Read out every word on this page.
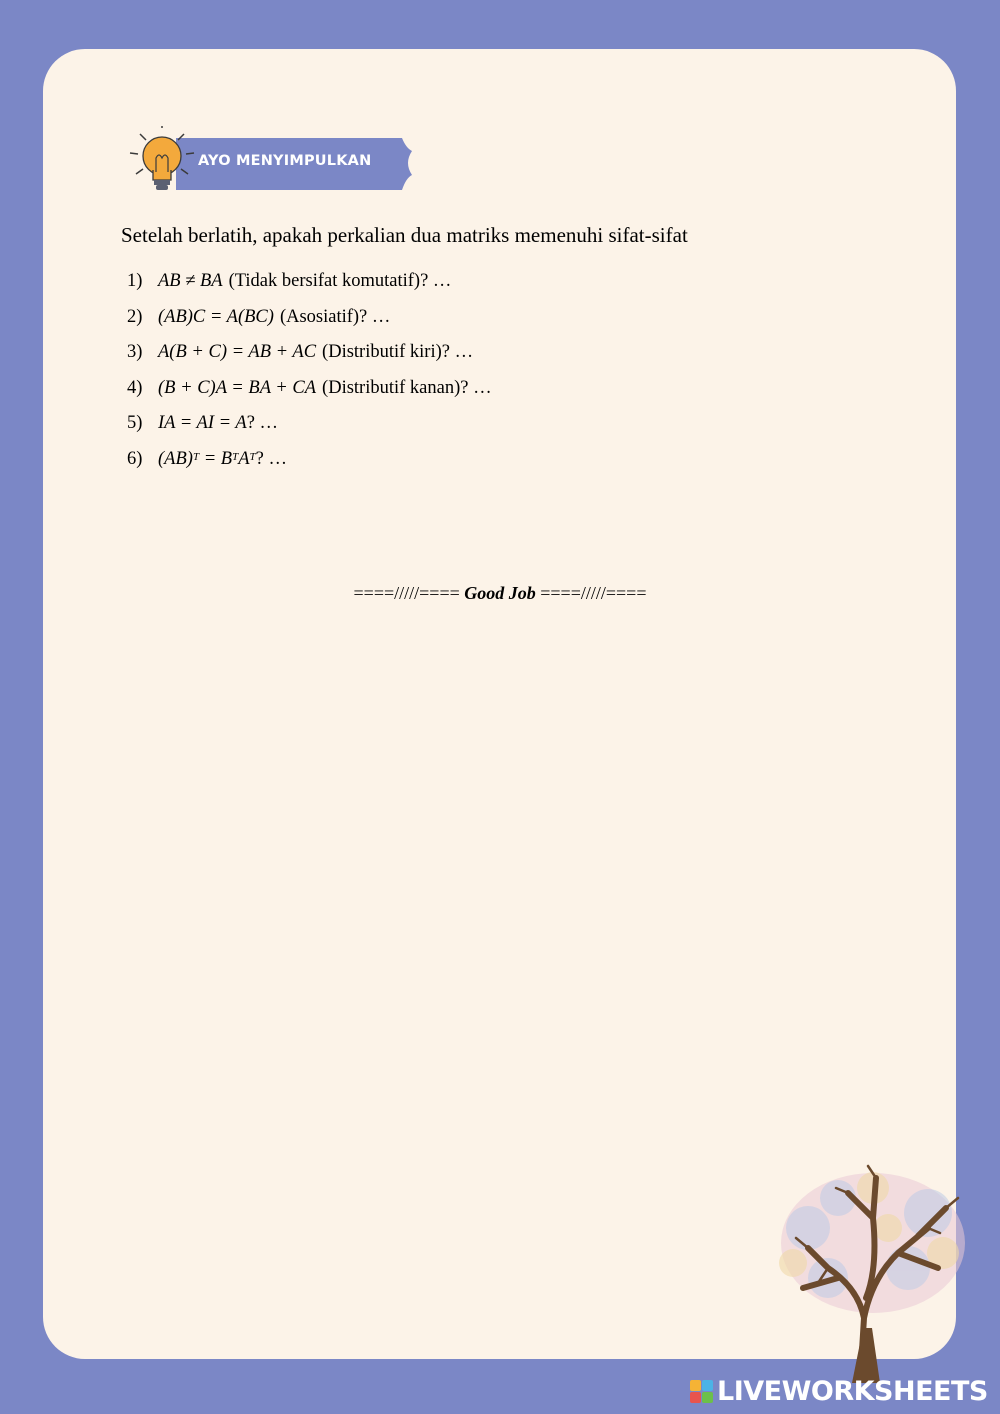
AYO MENYIMPULKAN
Setelah berlatih, apakah perkalian dua matriks memenuhi sifat-sifat
1) AB ≠ BA (Tidak bersifat komutatif)? …
2) (AB)C = A(BC) (Asosiatif)? …
3) A(B + C) = AB + AC (Distributif kiri)? …
4) (B + C)A = BA + CA (Distributif kanan)? …
5) IA = AI = A ? …
6) $(AB)^T = B^TA^T$ ? …
====/////==== Good Job ====/////====
LIVEWORKSHEETS
